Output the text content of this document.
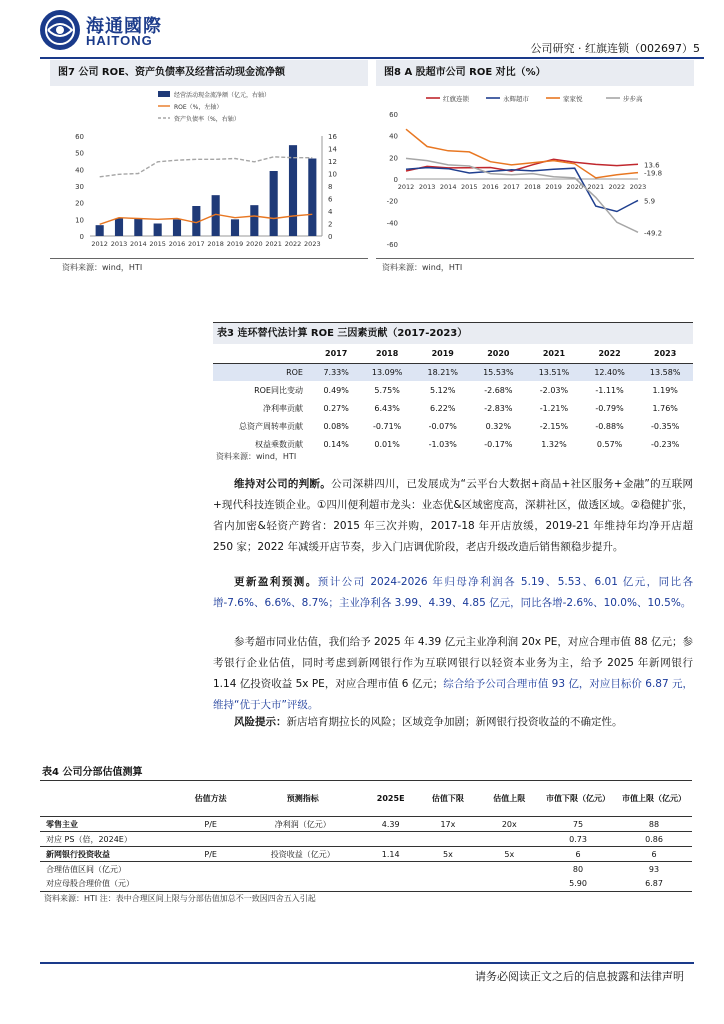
海通國際
HAITONG
公司研究 · 红旗连锁（002697）5
图7 公司 ROE、资产负债率及经营活动现金流净额
经营活动现金流净额（亿元，右轴）
ROE（%，左轴）
资产负债率（%，右轴）
0
10
20
30
40
50
60
0
2
4
6
8
10
12
14
16
2012 2013 2014 2015 2016 2017 2018 2019 2020 2021 2022 2023
资料来源：wind，HTI
图8 A 股超市公司 ROE 对比（%）
红旗连锁	永辉超市	家家悦	步步高
60
40
20
0
-20
-40
-60
2012 2013 2014 2015 2016 2017 2018 2019 2020 2021 2022 2023
13.6
5.9
-19.8
-49.2
资料来源：wind，HTI
表3 连环替代法计算 ROE 三因素贡献（2017-2023）
	2017	2018	2019	2020	2021	2022	2023
ROE	7.33%	13.09%	18.21%	15.53%	13.51%	12.40%	13.58%
ROE同比变动	0.49%	5.75%	5.12%	-2.68%	-2.03%	-1.11%	1.19%
净利率贡献	0.27%	6.43%	6.22%	-2.83%	-1.21%	-0.79%	1.76%
总资产周转率贡献	0.08%	-0.71%	-0.07%	0.32%	-2.15%	-0.88%	-0.35%
权益乘数贡献	0.14%	0.01%	-1.03%	-0.17%	1.32%	0.57%	-0.23%
资料来源：wind，HTI
维持对公司的判断。公司深耕四川，已发展成为“云平台大数据+商品+社区服务+金融”的互联网+现代科技连锁企业。①四川便利超市龙头：业态优&区域密度高，深耕社区，做透区域。②稳健扩张，省内加密&轻资产跨省：2015 年三次并购，2017-18 年开店放缓，2019-21 年维持年均净开店超 250 家；2022 年减缓开店节奏，步入门店调优阶段，老店升级改造后销售额稳步提升。
更新盈利预测。预计公司 2024-2026 年归母净利润各 5.19、5.53、6.01 亿元，同比各增-7.6%、6.6%、8.7%；主业净利各 3.99、4.39、4.85 亿元，同比各增-2.6%、10.0%、10.5%。
参考超市同业估值，我们给予 2025 年 4.39 亿元主业净利润 20x PE，对应合理市值 88 亿元；参考银行企业估值，同时考虑到新网银行作为互联网银行以轻资本业务为主，给予 2025 年新网银行 1.14 亿投资收益 5x PE，对应合理市值 6 亿元；综合给予公司合理市值 93 亿，对应目标价 6.87 元，维持“优于大市”评级。
风险提示：新店培育期拉长的风险；区域竞争加剧；新网银行投资收益的不确定性。
表4 公司分部估值测算
	估值方法	预测指标	2025E	估值下限	估值上限	市值下限（亿元）	市值上限（亿元）
零售主业	P/E	净利润（亿元）	4.39	17x	20x	75	88
对应 PS（倍，2024E）						0.73	0.86
新网银行投资收益	P/E	投资收益（亿元）	1.14	5x	5x	6	6
合理估值区间（亿元）						80	93
对应母股合理价值（元）						5.90	6.87
资料来源：HTI 注：表中合理区间上限与分部估值加总不一致因四舍五入引起
请务必阅读正文之后的信息披露和法律声明
